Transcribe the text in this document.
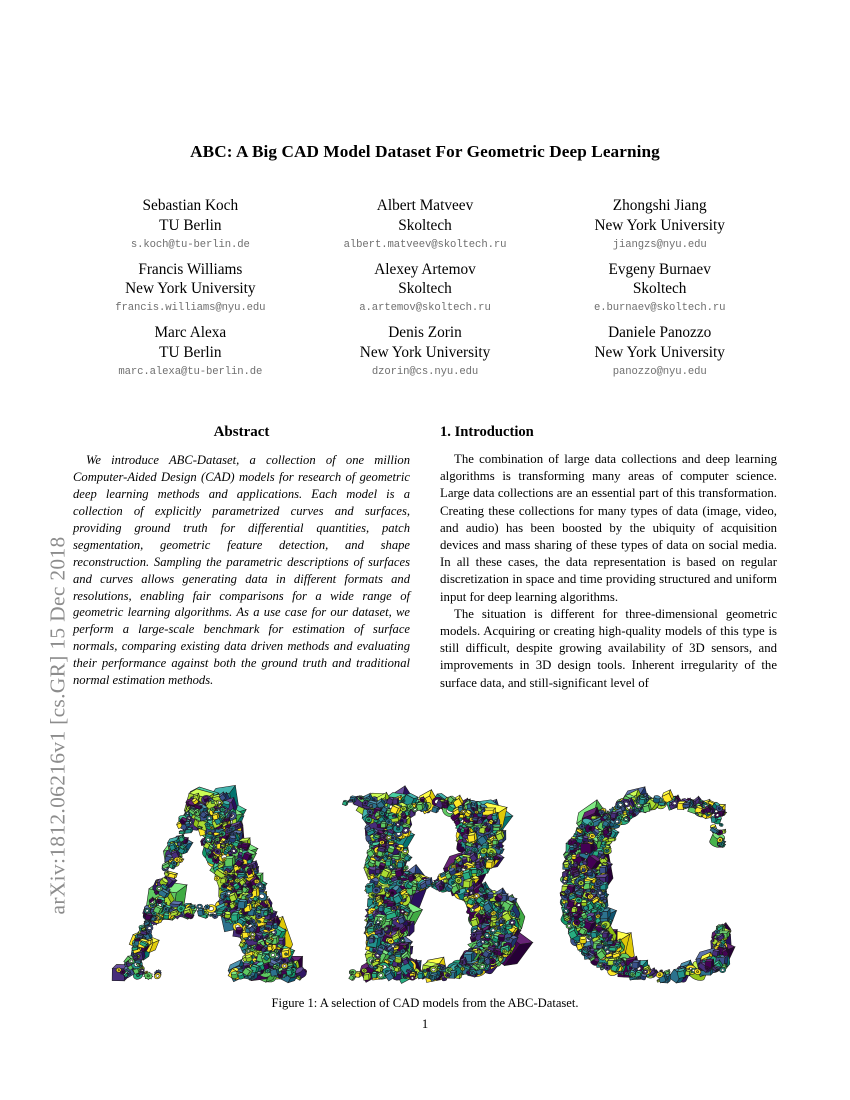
arXiv:1812.06216v1 [cs.GR] 15 Dec 2018
ABC: A Big CAD Model Dataset For Geometric Deep Learning
Sebastian Koch
TU Berlin
s.koch@tu-berlin.de
Albert Matveev
Skoltech
albert.matveev@skoltech.ru
Zhongshi Jiang
New York University
jiangzs@nyu.edu
Francis Williams
New York University
francis.williams@nyu.edu
Alexey Artemov
Skoltech
a.artemov@skoltech.ru
Evgeny Burnaev
Skoltech
e.burnaev@skoltech.ru
Marc Alexa
TU Berlin
marc.alexa@tu-berlin.de
Denis Zorin
New York University
dzorin@cs.nyu.edu
Daniele Panozzo
New York University
panozzo@nyu.edu
Abstract

We introduce ABC-Dataset, a collection of one million Computer-Aided Design (CAD) models for research of geometric deep learning methods and applications. Each model is a collection of explicitly parametrized curves and surfaces, providing ground truth for differential quantities, patch segmentation, geometric feature detection, and shape reconstruction. Sampling the parametric descriptions of surfaces and curves allows generating data in different formats and resolutions, enabling fair comparisons for a wide range of geometric learning algorithms. As a use case for our dataset, we perform a large-scale benchmark for estimation of surface normals, comparing existing data driven methods and evaluating their performance against both the ground truth and traditional normal estimation methods.

1. Introduction

The combination of large data collections and deep learning algorithms is transforming many areas of computer science. Large data collections are an essential part of this transformation. Creating these collections for many types of data (image, video, and audio) has been boosted by the ubiquity of acquisition devices and mass sharing of these types of data on social media. In all these cases, the data representation is based on regular discretization in space and time providing structured and uniform input for deep learning algorithms.

The situation is different for three-dimensional geometric models. Acquiring or creating high-quality models of this type is still difficult, despite growing availability of 3D sensors, and improvements in 3D design tools. Inherent irregularity of the surface data, and still-significant level of

Figure 1: A selection of CAD models from the ABC-Dataset.
1
